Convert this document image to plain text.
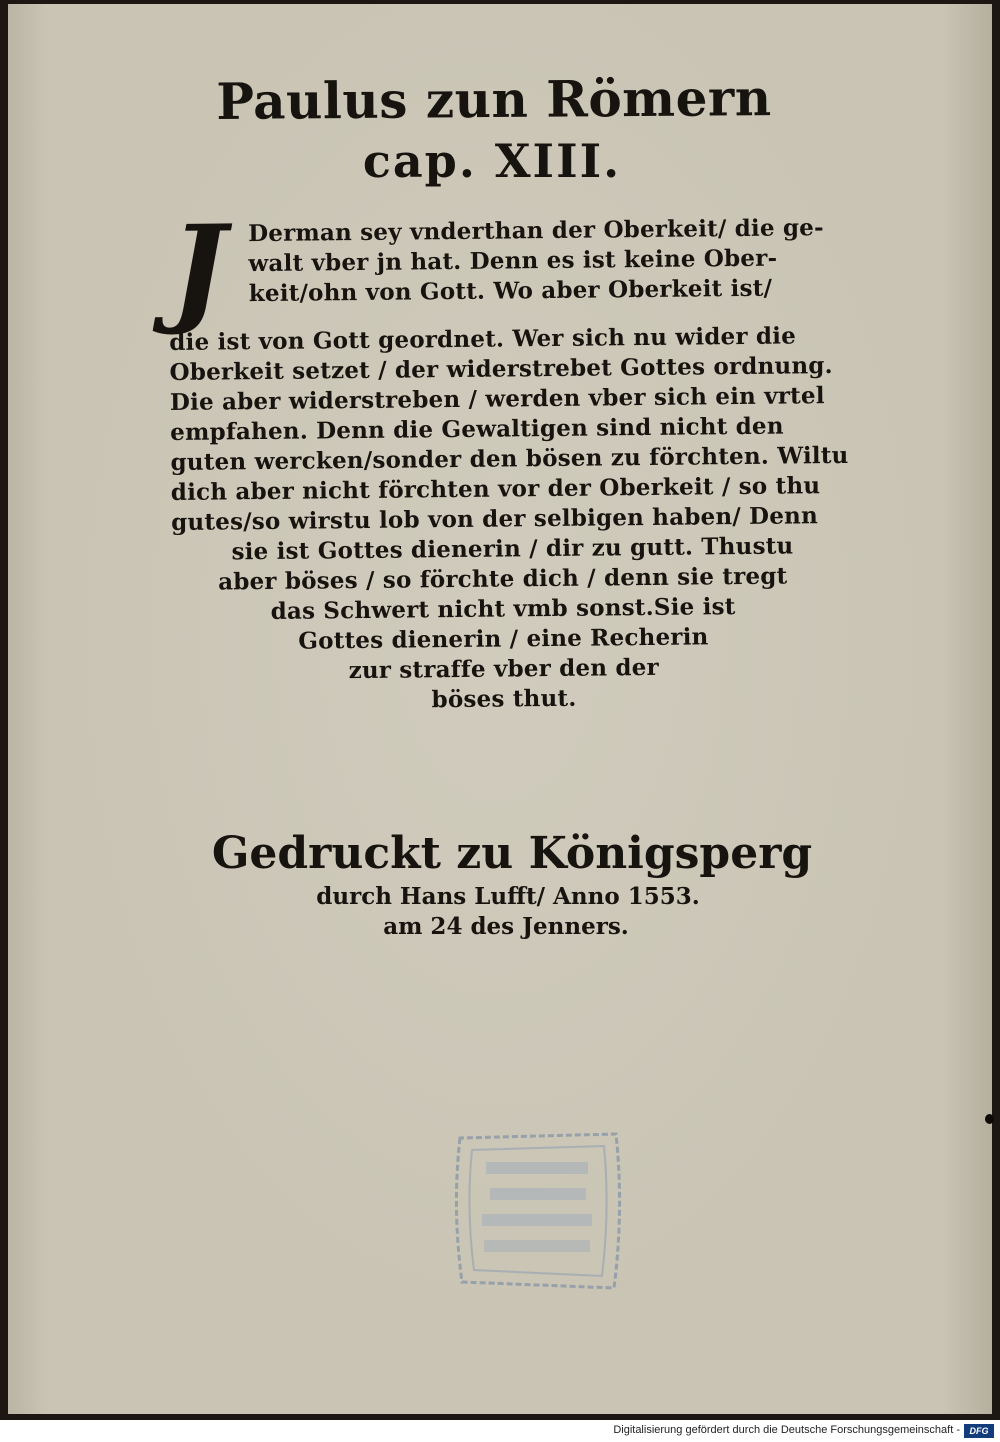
Paulus zun Römern
cap. XIII.
J Derman sey vnderthan der Oberkeit/ die ge-
walt vber jn hat. Denn es ist keine Ober-
keit/ohn von Gott. Wo aber Oberkeit ist/
die ist von Gott geordnet. Wer sich nu wider die
Oberkeit setzet / der widerstrebet Gottes ordnung.
Die aber widerstreben / werden vber sich ein vrtel
empfahen. Denn die Gewaltigen sind nicht den
guten wercken/sonder den bösen zu förchten. Wiltu
dich aber nicht förchten vor der Oberkeit / so thu
gutes/so wirstu lob von der selbigen haben/ Denn
sie ist Gottes dienerin / dir zu gutt. Thustu
aber böses / so förchte dich / denn sie tregt
das Schwert nicht vmb sonst.Sie ist
Gottes dienerin / eine Recherin
zur straffe vber den der
böses thut.
Gedruckt zu Königsperg
durch Hans Lufft/ Anno 1553.
am 24 des Jenners.
Digitalisierung gefördert durch die Deutsche Forschungsgemeinschaft -	DFG
